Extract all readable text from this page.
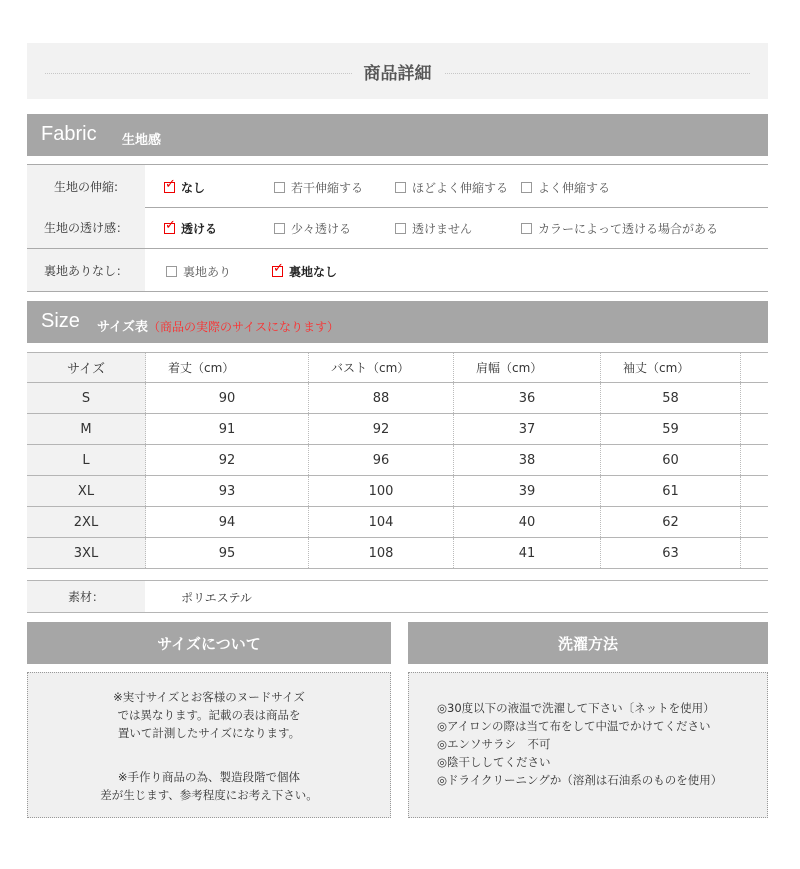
商品詳細
Fabric 生地感
生地の伸縮: ✓	なし	若干伸縮する	ほどよく伸縮する よく伸縮する
生地の透け感： ✓	透ける	少々透ける	透けません	カラーによって透ける場合がある
裏地ありなし：	裏地あり ✓	裏地なし
Size サイズ表（商品の実際のサイスになります）
サイズ	着丈（cm）	バスト（cm）	肩幅（cm）	袖丈（cm）	
S	90	88	36	58	
M	91	92	37	59	
L	92	96	38	60	
XL	93	100	39	61	
2XL	94	104	40	62	
3XL	95	108	41	63	
素材：	ポリエステル
サイズについて
※実寸サイズとお客様のヌードサイズ
では異なります。記載の表は商品を
置いて計測したサイズになります。
※手作り商品の為、製造段階で個体
差が生じます、参考程度にお考え下さい。
洗濯方法
◎30度以下の液温で洗濯して下さい〔ネットを使用）
◎アイロンの際は当て布をして中温でかけてください
◎エンソサラシ　不可
◎陰干ししてください
◎ドライクリーニングか（溶剤は石油系のものを使用）
